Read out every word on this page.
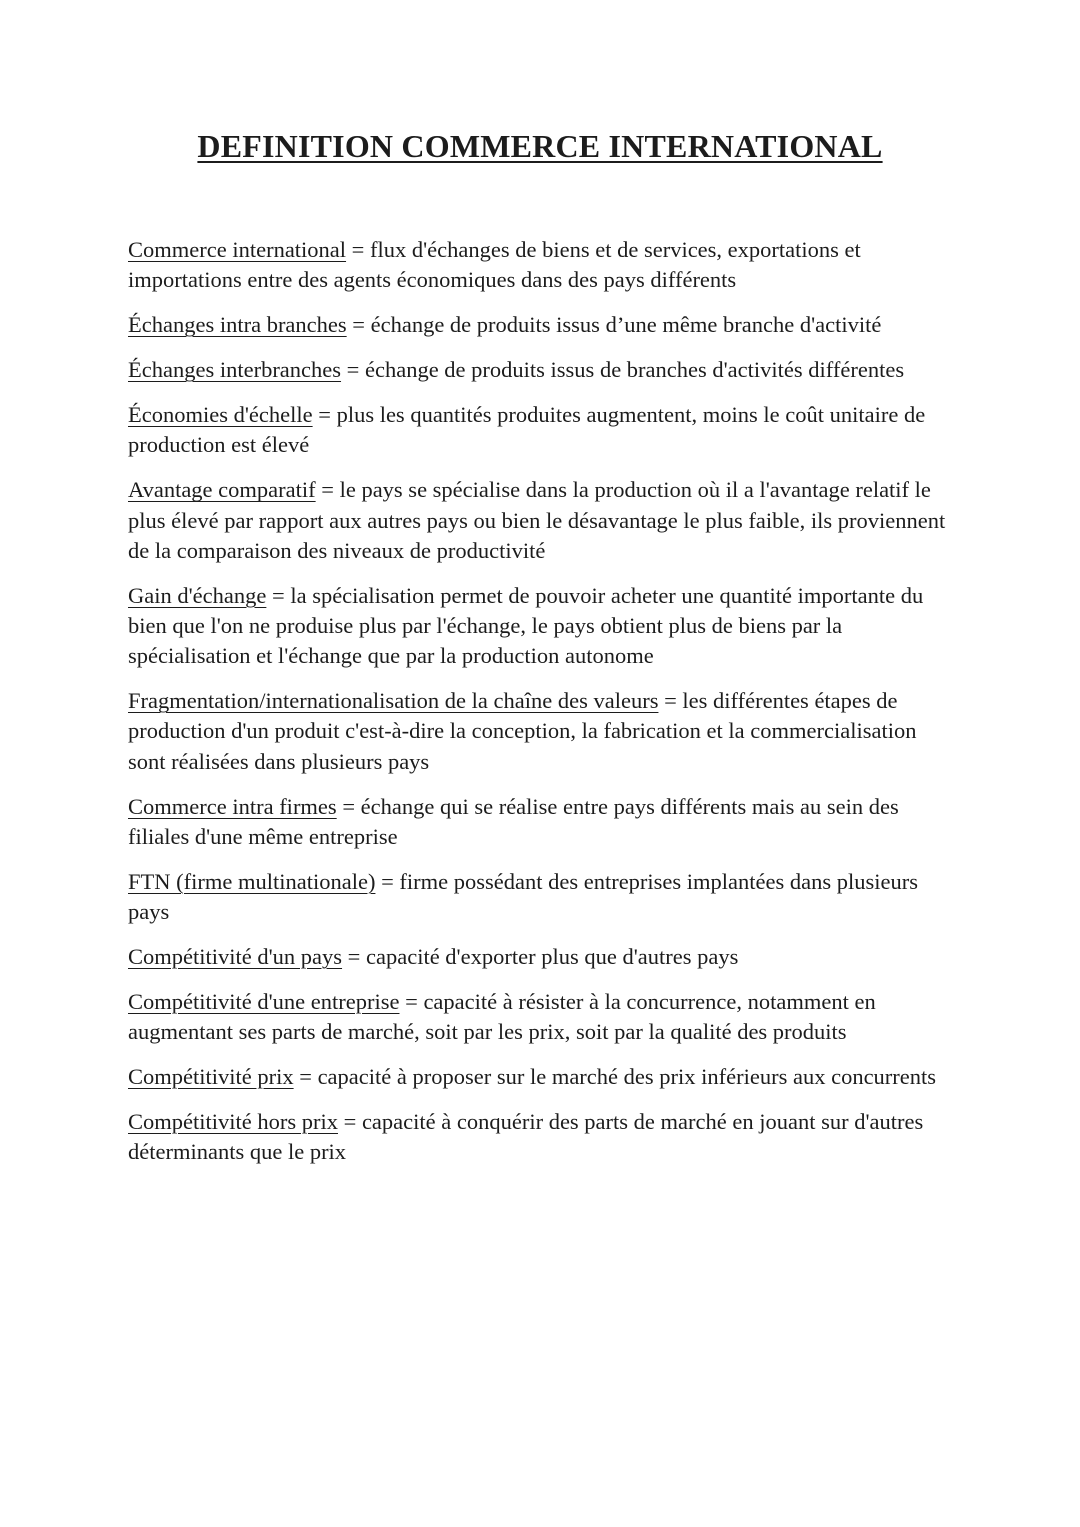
DEFINITION COMMERCE INTERNATIONAL

Commerce international = flux d'échanges de biens et de services, exportations et importations entre des agents économiques dans des pays différents

Échanges intra branches = échange de produits issus d’une même branche d'activité

Échanges interbranches = échange de produits issus de branches d'activités différentes

Économies d'échelle = plus les quantités produites augmentent, moins le coût unitaire de production est élevé

Avantage comparatif = le pays se spécialise dans la production où il a l'avantage relatif le plus élevé par rapport aux autres pays ou bien le désavantage le plus faible, ils proviennent de la comparaison des niveaux de productivité

Gain d'échange = la spécialisation permet de pouvoir acheter une quantité importante du bien que l'on ne produise plus par l'échange, le pays obtient plus de biens par la spécialisation et l'échange que par la production autonome

Fragmentation/internationalisation de la chaîne des valeurs = les différentes étapes de production d'un produit c'est-à-dire la conception, la fabrication et la commercialisation sont réalisées dans plusieurs pays

Commerce intra firmes = échange qui se réalise entre pays différents mais au sein des filiales d'une même entreprise

FTN (firme multinationale) = firme possédant des entreprises implantées dans plusieurs pays

Compétitivité d'un pays = capacité d'exporter plus que d'autres pays

Compétitivité d'une entreprise = capacité à résister à la concurrence, notamment en augmentant ses parts de marché, soit par les prix, soit par la qualité des produits

Compétitivité prix = capacité à proposer sur le marché des prix inférieurs aux concurrents

Compétitivité hors prix = capacité à conquérir des parts de marché en jouant sur d'autres déterminants que le prix
